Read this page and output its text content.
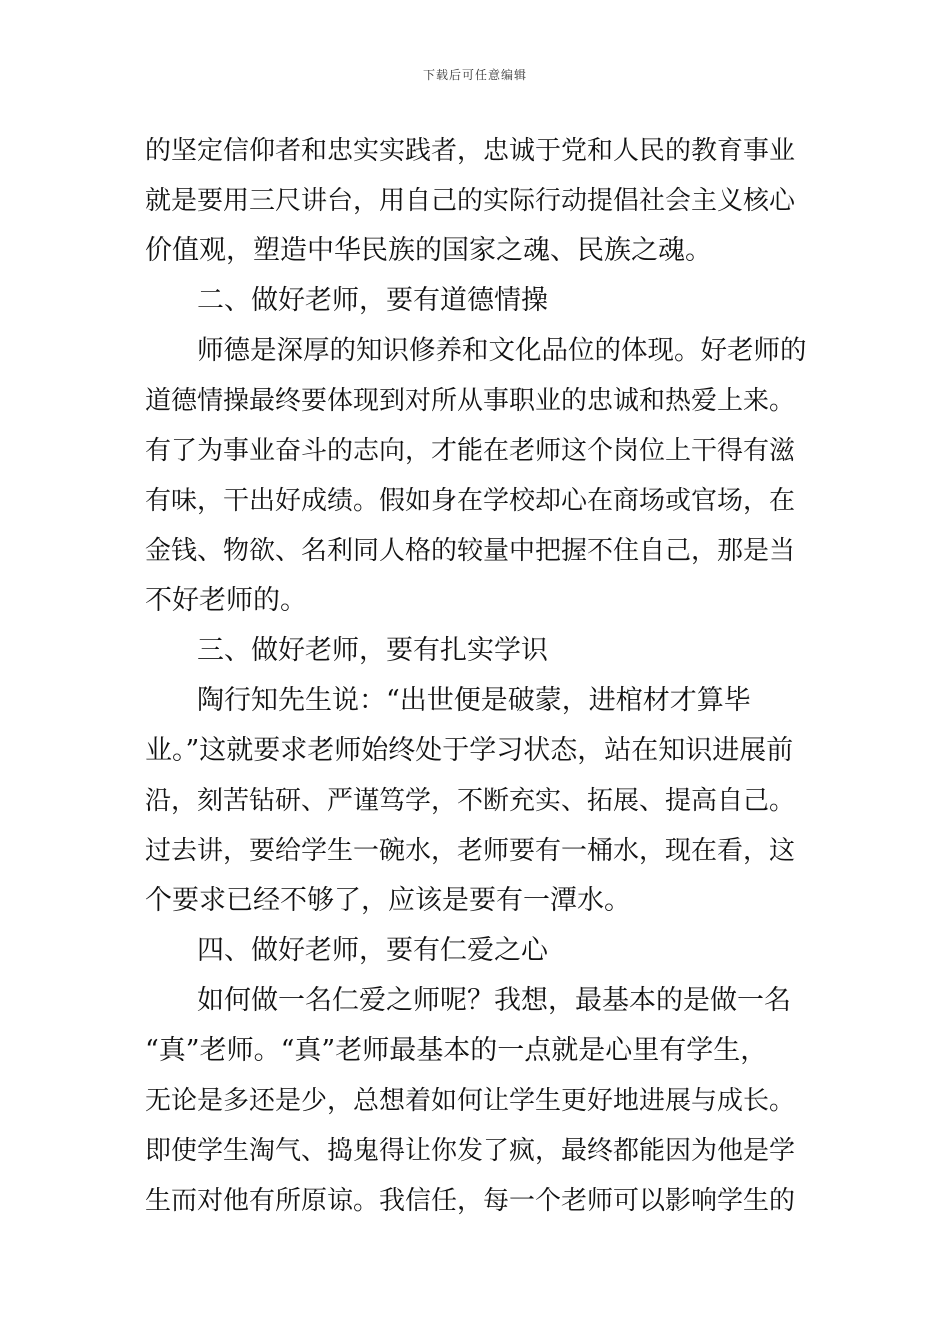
下载后可任意编辑
的坚定信仰者和忠实实践者，忠诚于党和人民的教育事业
就是要用三尺讲台，用自己的实际行动提倡社会主义核心
价值观，塑造中华民族的国家之魂、民族之魂。
二、做好老师，要有道德情操
师德是深厚的知识修养和文化品位的体现。好老师的
道德情操最终要体现到对所从事职业的忠诚和热爱上来。
有了为事业奋斗的志向，才能在老师这个岗位上干得有滋
有味，干出好成绩。假如身在学校却心在商场或官场，在
金钱、物欲、名利同人格的较量中把握不住自己，那是当
不好老师的。
三、做好老师，要有扎实学识
陶行知先生说：“出世便是破蒙，进棺材才算毕
业。”这就要求老师始终处于学习状态，站在知识进展前
沿，刻苦钻研、严谨笃学，不断充实、拓展、提高自己。
过去讲，要给学生一碗水，老师要有一桶水，现在看，这
个要求已经不够了，应该是要有一潭水。
四、做好老师，要有仁爱之心
如何做一名仁爱之师呢？我想，最基本的是做一名
“真”老师。“真”老师最基本的一点就是心里有学生，
无论是多还是少，总想着如何让学生更好地进展与成长。
即使学生淘气、捣鬼得让你发了疯，最终都能因为他是学
生而对他有所原谅。我信任，每一个老师可以影响学生的
